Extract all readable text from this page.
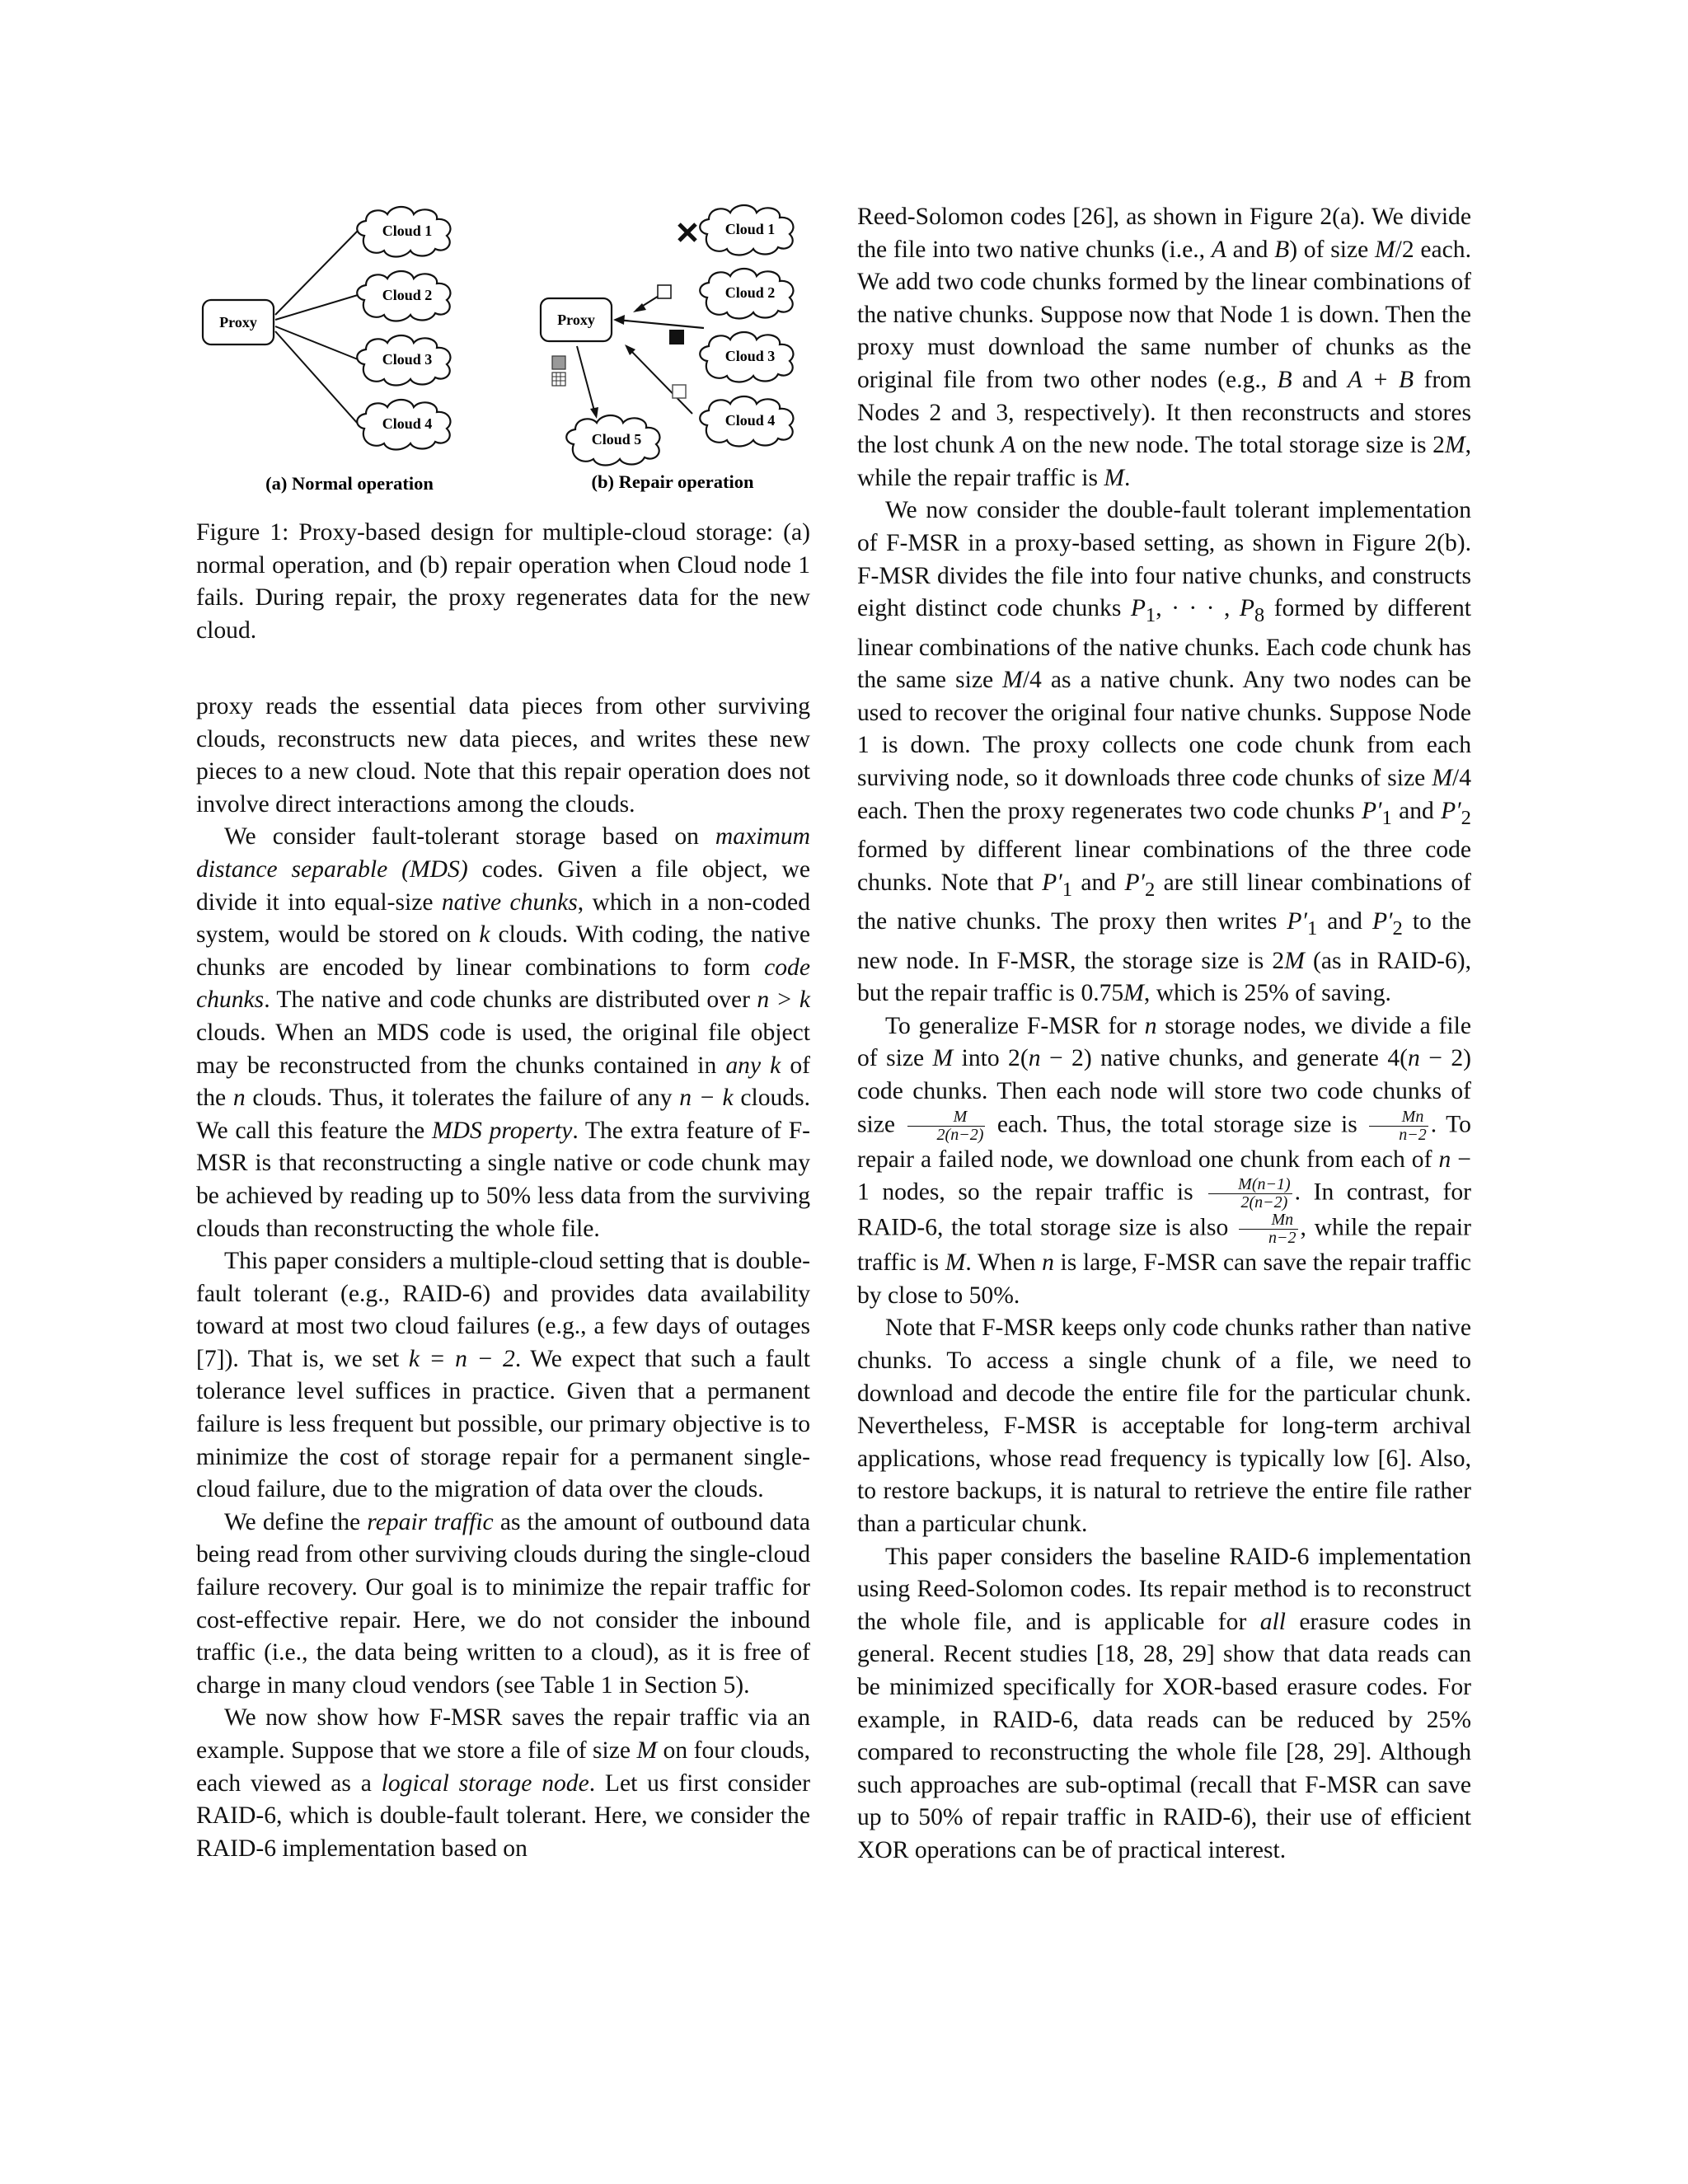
Proxy
Cloud 1
Cloud 2
Cloud 3
Cloud 4
(a) Normal operation
Proxy
Cloud 1
Cloud 2
Cloud 3
Cloud 4
Cloud 5
(b) Repair operation

Figure 1: Proxy-based design for multiple-cloud storage: (a) normal operation, and (b) repair operation when Cloud node 1 fails. During repair, the proxy regenerates data for the new cloud.

proxy reads the essential data pieces from other surviving clouds, reconstructs new data pieces, and writes these new pieces to a new cloud. Note that this repair operation does not involve direct interactions among the clouds.

We consider fault-tolerant storage based on maximum distance separable (MDS) codes. Given a file object, we divide it into equal-size native chunks, which in a non-coded system, would be stored on k clouds. With coding, the native chunks are encoded by linear combinations to form code chunks. The native and code chunks are distributed over n > k clouds. When an MDS code is used, the original file object may be reconstructed from the chunks contained in any k of the n clouds. Thus, it tolerates the failure of any n − k clouds. We call this feature the MDS property. The extra feature of F-MSR is that reconstructing a single native or code chunk may be achieved by reading up to 50% less data from the surviving clouds than reconstructing the whole file.

This paper considers a multiple-cloud setting that is double-fault tolerant (e.g., RAID-6) and provides data availability toward at most two cloud failures (e.g., a few days of outages [7]). That is, we set k = n − 2. We expect that such a fault tolerance level suffices in practice. Given that a permanent failure is less frequent but possible, our primary objective is to minimize the cost of storage repair for a permanent single-cloud failure, due to the migration of data over the clouds.

We define the repair traffic as the amount of outbound data being read from other surviving clouds during the single-cloud failure recovery. Our goal is to minimize the repair traffic for cost-effective repair. Here, we do not consider the inbound traffic (i.e., the data being written to a cloud), as it is free of charge in many cloud vendors (see Table 1 in Section 5).

We now show how F-MSR saves the repair traffic via an example. Suppose that we store a file of size M on four clouds, each viewed as a logical storage node. Let us first consider RAID-6, which is double-fault tolerant. Here, we consider the RAID-6 implementation based on

Reed-Solomon codes [26], as shown in Figure 2(a). We divide the file into two native chunks (i.e., A and B) of size M/2 each. We add two code chunks formed by the linear combinations of the native chunks. Suppose now that Node 1 is down. Then the proxy must download the same number of chunks as the original file from two other nodes (e.g., B and A + B from Nodes 2 and 3, respectively). It then reconstructs and stores the lost chunk A on the new node. The total storage size is 2M, while the repair traffic is M.

We now consider the double-fault tolerant implementation of F-MSR in a proxy-based setting, as shown in Figure 2(b). F-MSR divides the file into four native chunks, and constructs eight distinct code chunks $P_1$, · · · , $P_8$ formed by different linear combinations of the native chunks. Each code chunk has the same size M/4 as a native chunk. Any two nodes can be used to recover the original four native chunks. Suppose Node 1 is down. The proxy collects one code chunk from each surviving node, so it downloads three code chunks of size M/4 each. Then the proxy regenerates two code chunks $P'_1$ and $P'_2$ formed by different linear combinations of the three code chunks. Note that $P'_1$ and $P'_2$ are still linear combinations of the native chunks. The proxy then writes $P'_1$ and $P'_2$ to the new node. In F-MSR, the storage size is 2M (as in RAID-6), but the repair traffic is 0.75M, which is 25% of saving.

To generalize F-MSR for n storage nodes, we divide a file of size M into 2(n − 2) native chunks, and generate 4(n − 2) code chunks. Then each node will store two code chunks of size $\frac{M}{2(n-2)}$ each. Thus, the total storage size is $\frac{Mn}{n-2}$ . To repair a failed node, we download one chunk from each of n − 1 nodes, so the repair traffic is $\frac{M(n-1)}{2(n-2)}$ . In contrast, for RAID-6, the total storage size is also $\frac{Mn}{n-2}$ , while the repair traffic is M. When n is large, F-MSR can save the repair traffic by close to 50%.

Note that F-MSR keeps only code chunks rather than native chunks. To access a single chunk of a file, we need to download and decode the entire file for the particular chunk. Nevertheless, F-MSR is acceptable for long-term archival applications, whose read frequency is typically low [6]. Also, to restore backups, it is natural to retrieve the entire file rather than a particular chunk.

This paper considers the baseline RAID-6 implementation using Reed-Solomon codes. Its repair method is to reconstruct the whole file, and is applicable for all erasure codes in general. Recent studies [18, 28, 29] show that data reads can be minimized specifically for XOR-based erasure codes. For example, in RAID-6, data reads can be reduced by 25% compared to reconstructing the whole file [28, 29]. Although such approaches are sub-optimal (recall that F-MSR can save up to 50% of repair traffic in RAID-6), their use of efficient XOR operations can be of practical interest.
